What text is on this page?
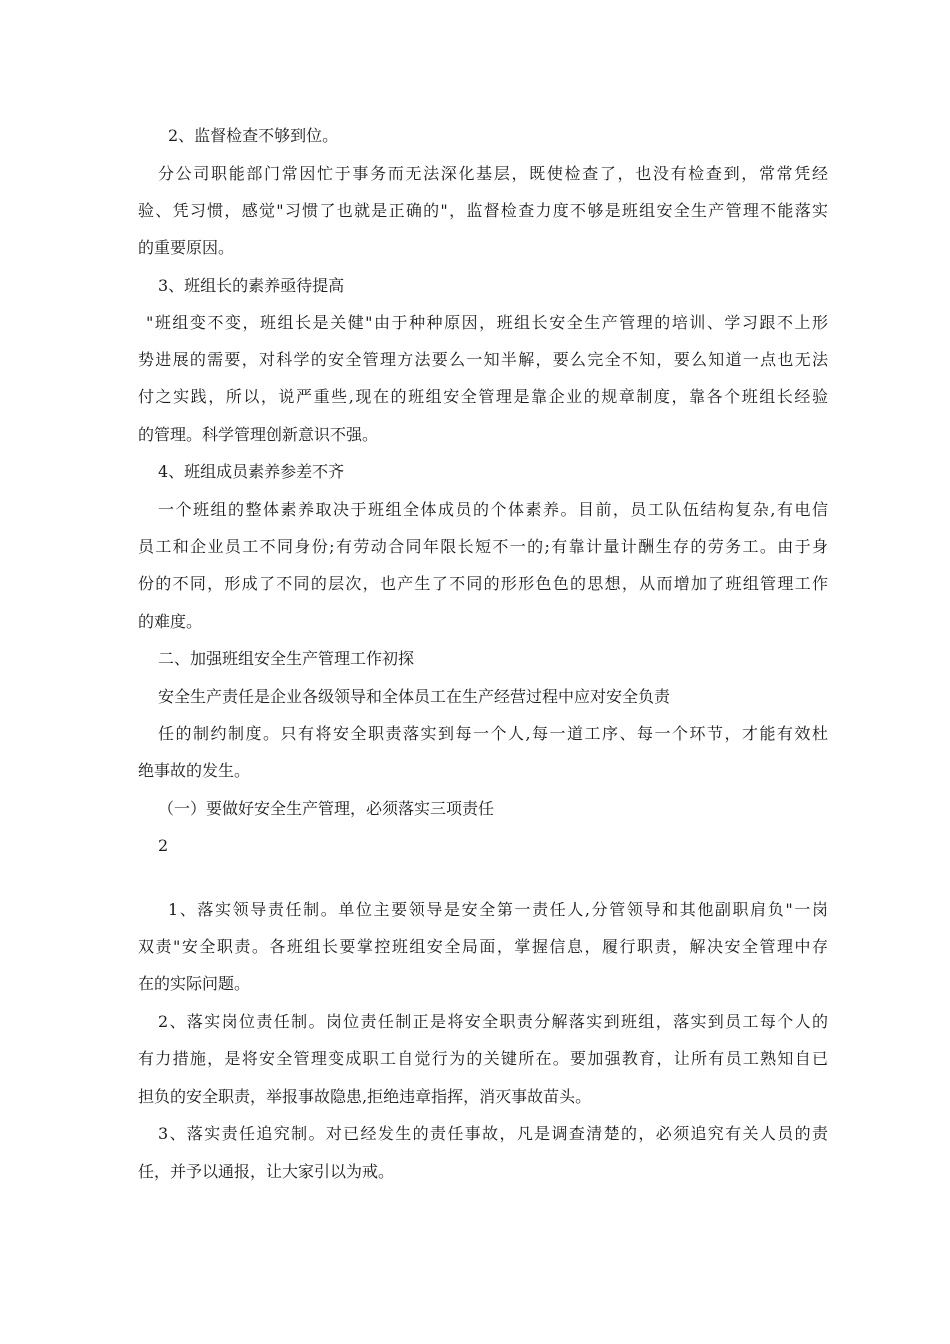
2、监督检查不够到位。
分公司职能部门常因忙于事务而无法深化基层，既使检查了，也没有检查到，常常凭经
验、凭习惯，感觉"习惯了也就是正确的"，监督检查力度不够是班组安全生产管理不能落实
的重要原因。
3、班组长的素养亟待提高
"班组变不变，班组长是关健"由于种种原因，班组长安全生产管理的培训、学习跟不上形
势进展的需要，对科学的安全管理方法要么一知半解，要么完全不知，要么知道一点也无法
付之实践，所以，说严重些,现在的班组安全管理是靠企业的规章制度，靠各个班组长经验
的管理。科学管理创新意识不强。
4、班组成员素养参差不齐
一个班组的整体素养取决于班组全体成员的个体素养。目前，员工队伍结构复杂,有电信
员工和企业员工不同身份;有劳动合同年限长短不一的;有靠计量计酬生存的劳务工。由于身
份的不同，形成了不同的层次，也产生了不同的形形色色的思想，从而增加了班组管理工作
的难度。
二、加强班组安全生产管理工作初探
安全生产责任是企业各级领导和全体员工在生产经营过程中应对安全负责
任的制约制度。只有将安全职责落实到每一个人,每一道工序、每一个环节，才能有效杜
绝事故的发生。
（一）要做好安全生产管理，必须落实三项责任
2
1、落实领导责任制。单位主要领导是安全第一责任人,分管领导和其他副职肩负"一岗
双责"安全职责。各班组长要掌控班组安全局面，掌握信息，履行职责，解决安全管理中存
在的实际问题。
2、落实岗位责任制。岗位责任制正是将安全职责分解落实到班组，落实到员工每个人的
有力措施，是将安全管理变成职工自觉行为的关键所在。要加强教育，让所有员工熟知自已
担负的安全职责，举报事故隐患,拒绝违章指挥，消灭事故苗头。
3、落实责任追究制。对已经发生的责任事故，凡是调查清楚的，必须追究有关人员的责
任，并予以通报，让大家引以为戒。
